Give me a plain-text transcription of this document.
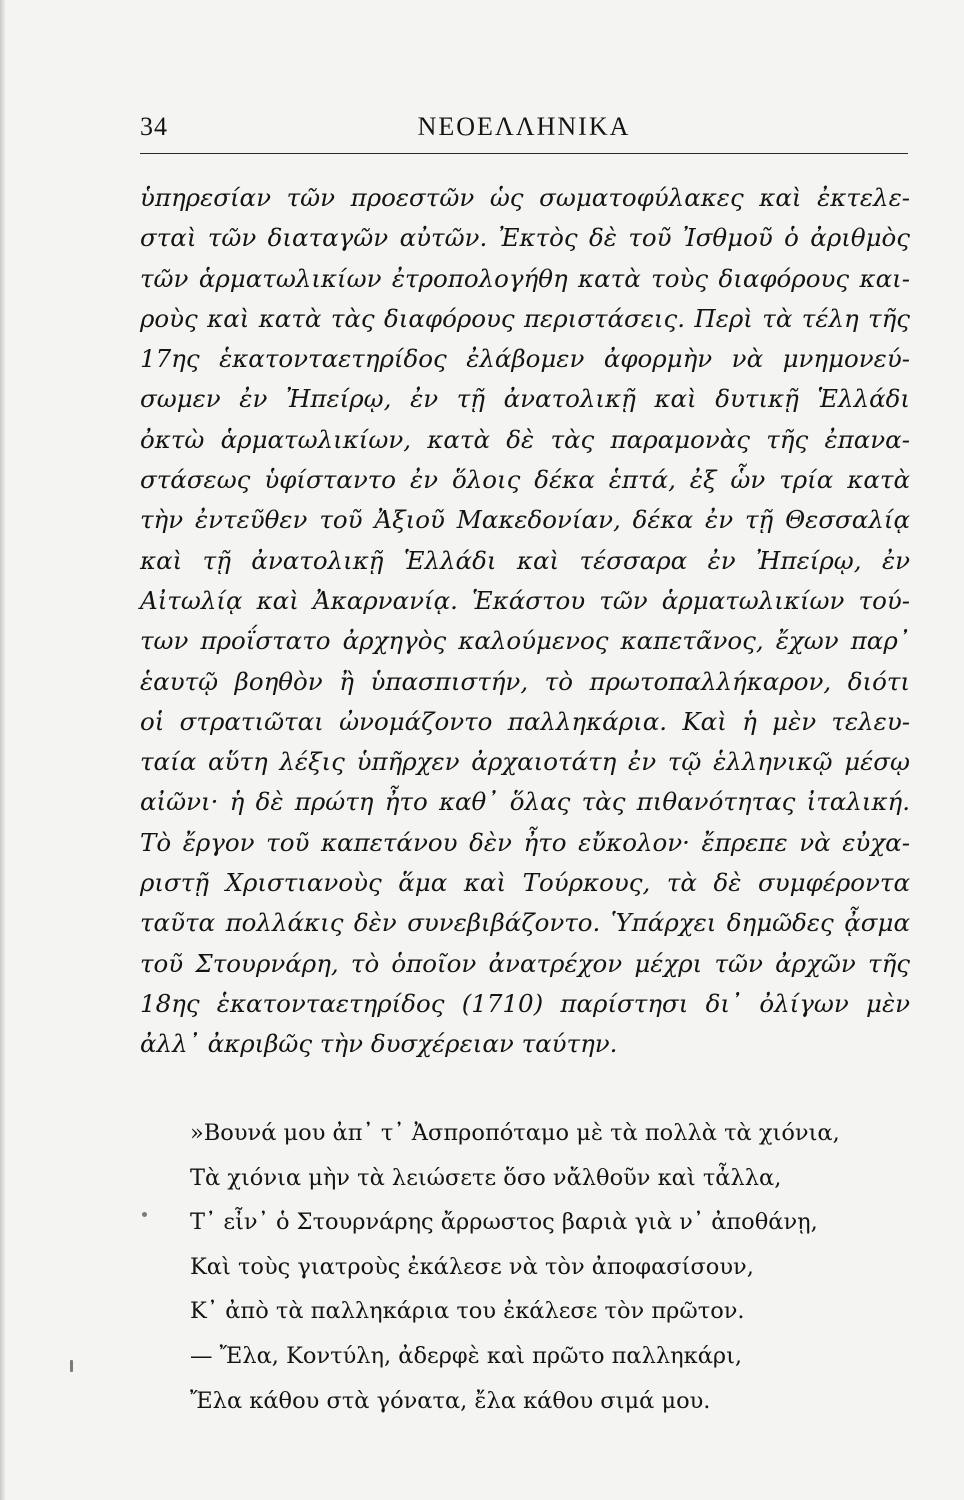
34	ΝΕΟΕΛΛΗΝΙΚΑ
ὑπηρεσίαν τῶν προεστῶν ὡς σωματοφύλακες καὶ ἐκτελε-
σταὶ τῶν διαταγῶν αὐτῶν. Ἐκτὸς δὲ τοῦ Ἰσθμοῦ ὁ ἀριθμὸς
τῶν ἁρματωλικίων ἐτροπολογήθη κατὰ τοὺς διαφόρους και-
ροὺς καὶ κατὰ τὰς διαφόρους περιστάσεις. Περὶ τὰ τέλη τῆς
17ης ἑκατονταετηρίδος ἐλάβομεν ἀφορμὴν νὰ μνημονεύ-
σωμεν ἐν Ἠπείρῳ, ἐν τῇ ἀνατολικῇ καὶ δυτικῇ Ἑλλάδι
ὀκτὼ ἁρματωλικίων, κατὰ δὲ τὰς παραμονὰς τῆς ἐπανα-
στάσεως ὑφίσταντο ἐν ὅλοις δέκα ἑπτά, ἐξ ὧν τρία κατὰ
τὴν ἐντεῦθεν τοῦ Ἀξιοῦ Μακεδονίαν, δέκα ἐν τῇ Θεσσαλίᾳ
καὶ τῇ ἀνατολικῇ Ἑλλάδι καὶ τέσσαρα ἐν Ἠπείρῳ, ἐν
Αἰτωλίᾳ καὶ Ἀκαρνανίᾳ. Ἑκάστου τῶν ἁρματωλικίων τού-
των προΐστατο ἀρχηγὸς καλούμενος καπετᾶνος, ἔχων παρ᾽
ἑαυτῷ βοηθὸν ἢ ὑπασπιστήν, τὸ πρωτοπαλλήκαρον, διότι
οἱ στρατιῶται ὠνομάζοντο παλληκάρια. Καὶ ἡ μὲν τελευ-
ταία αὕτη λέξις ὑπῆρχεν ἀρχαιοτάτη ἐν τῷ ἑλληνικῷ μέσῳ
αἰῶνι· ἡ δὲ πρώτη ἦτο καθ᾽ ὅλας τὰς πιθανότητας ἰταλική.
Τὸ ἔργον τοῦ καπετάνου δὲν ἦτο εὔκολον· ἔπρεπε νὰ εὐχα-
ριστῇ Χριστιανοὺς ἅμα καὶ Τούρκους, τὰ δὲ συμφέροντα
ταῦτα πολλάκις δὲν συνεβιβάζοντο. Ὑπάρχει δημῶδες ᾆσμα
τοῦ Στουρνάρη, τὸ ὁποῖον ἀνατρέχον μέχρι τῶν ἀρχῶν τῆς
18ης ἑκατονταετηρίδος (1710) παρίστησι δι᾽ ὀλίγων μὲν
ἀλλ᾽ ἀκριβῶς τὴν δυσχέρειαν ταύτην.
»Βουνά μου ἀπ᾽ τ᾽ Ἀσπροπόταμο μὲ τὰ πολλὰ τὰ χιόνια,
Τὰ χιόνια μὴν τὰ λειώσετε ὅσο νἄλθοῦν καὶ τἆλλα,
Τ᾽ εἶν᾽ ὁ Στουρνάρης ἄρρωστος βαριὰ γιὰ ν᾽ ἀποθάνῃ,
Καὶ τοὺς γιατροὺς ἐκάλεσε νὰ τὸν ἀποφασίσουν,
Κ᾽ ἀπὸ τὰ παλληκάρια του ἐκάλεσε τὸν πρῶτον.
— Ἔλα, Κοντύλη, ἀδερφὲ καὶ πρῶτο παλληκάρι,
Ἔλα κάθου στὰ γόνατα, ἔλα κάθου σιμά μου.
